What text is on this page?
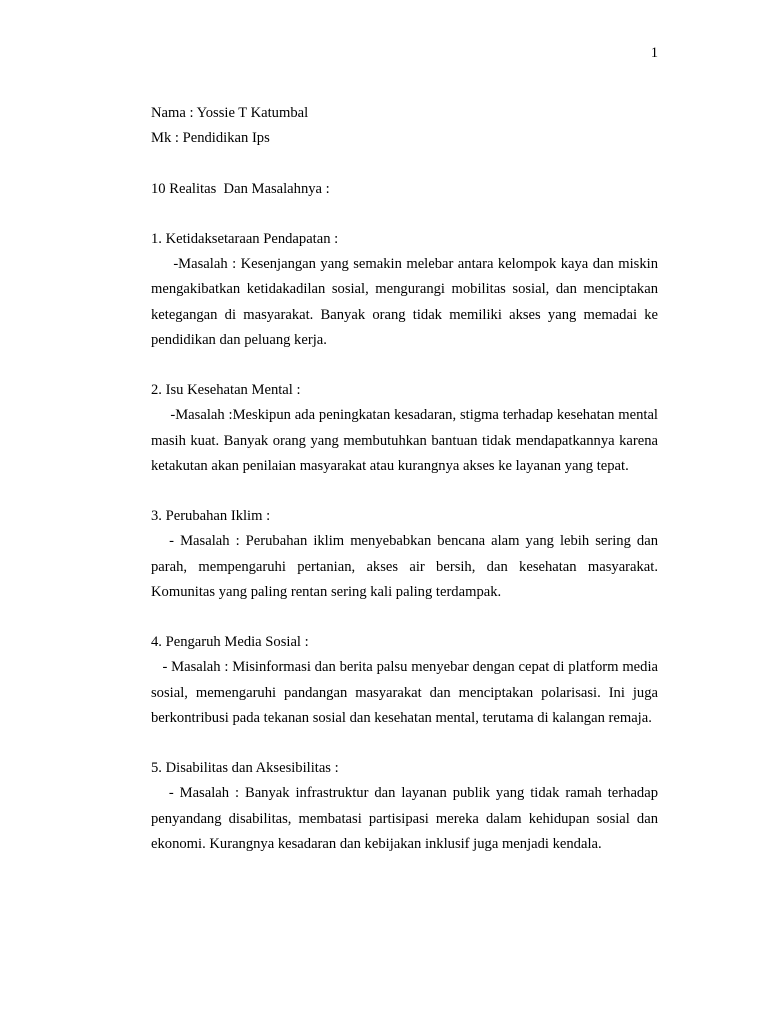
1

Nama : Yossie T Katumbal

Mk : Pendidikan Ips

10 Realitas  Dan Masalahnya :

1. Ketidaksetaraan Pendapatan :

-Masalah : Kesenjangan yang semakin melebar antara kelompok kaya dan miskin mengakibatkan ketidakadilan sosial, mengurangi mobilitas sosial, dan menciptakan ketegangan di masyarakat. Banyak orang tidak memiliki akses yang memadai ke pendidikan dan peluang kerja.

2. Isu Kesehatan Mental :

-Masalah :Meskipun ada peningkatan kesadaran, stigma terhadap kesehatan mental masih kuat. Banyak orang yang membutuhkan bantuan tidak mendapatkannya karena ketakutan akan penilaian masyarakat atau kurangnya akses ke layanan yang tepat.

3. Perubahan Iklim :

- Masalah : Perubahan iklim menyebabkan bencana alam yang lebih sering dan parah, mempengaruhi pertanian, akses air bersih, dan kesehatan masyarakat. Komunitas yang paling rentan sering kali paling terdampak.

4. Pengaruh Media Sosial :

- Masalah : Misinformasi dan berita palsu menyebar dengan cepat di platform media sosial, memengaruhi pandangan masyarakat dan menciptakan polarisasi. Ini juga berkontribusi pada tekanan sosial dan kesehatan mental, terutama di kalangan remaja.

5. Disabilitas dan Aksesibilitas :

- Masalah : Banyak infrastruktur dan layanan publik yang tidak ramah terhadap penyandang disabilitas, membatasi partisipasi mereka dalam kehidupan sosial dan ekonomi. Kurangnya kesadaran dan kebijakan inklusif juga menjadi kendala.
